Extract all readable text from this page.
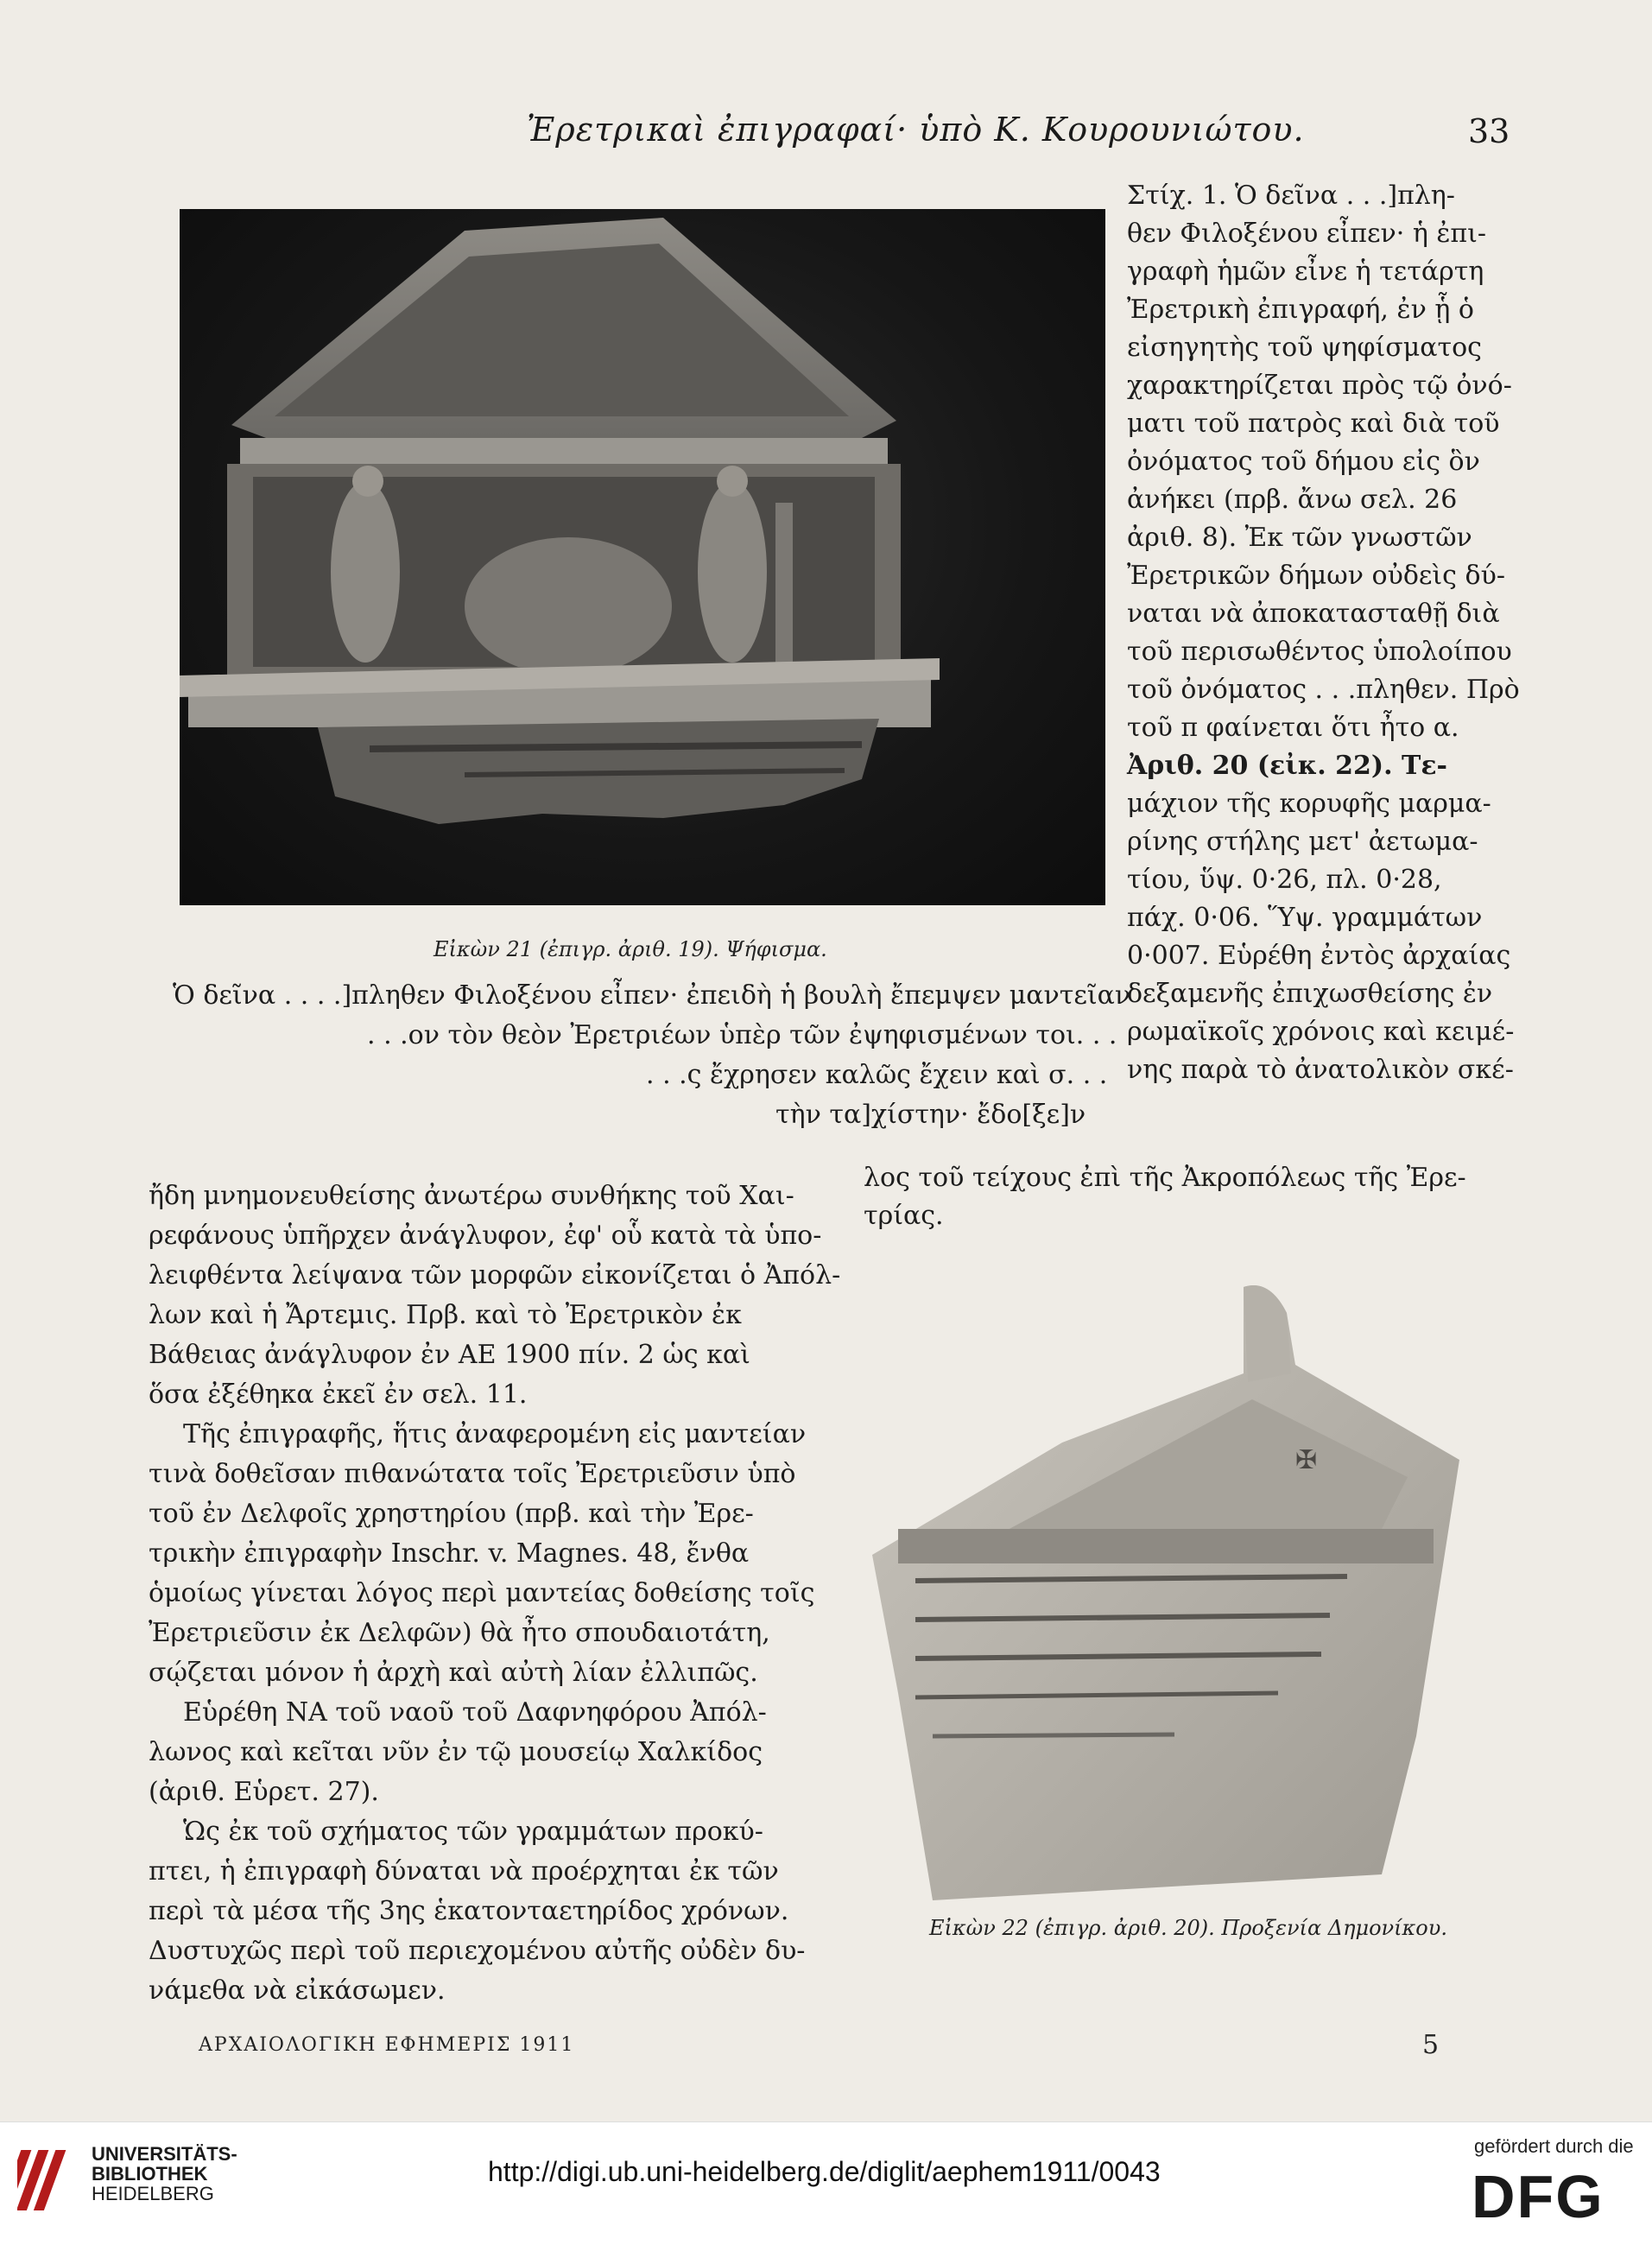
Ἐρετρικαὶ ἐπιγραφαί· ὑπὸ Κ. Κουρουνιώτου.	33
Εἰκὼν 21 (ἐπιγρ. ἀριθ. 19). Ψήφισμα.
Στίχ. 1. Ὁ δεῖνα . . .]πλη-
θεν Φιλοξένου εἶπεν· ἡ ἐπι-
γραφὴ ἡμῶν εἶνε ἡ τετάρτη
Ἐρετρικὴ ἐπιγραφή, ἐν ᾗ ὁ
εἰσηγητὴς τοῦ ψηφίσματος
χαρακτηρίζεται πρὸς τῷ ὀνό-
ματι τοῦ πατρὸς καὶ διὰ τοῦ
ὀνόματος τοῦ δήμου εἰς ὃν
ἀνήκει (πρβ. ἄνω σελ. 26
ἀριθ. 8). Ἐκ τῶν γνωστῶν
Ἐρετρικῶν δήμων οὐδεὶς δύ-
ναται νὰ ἀποκατασταθῇ διὰ
τοῦ περισωθέντος ὑπολοίπου
τοῦ ὀνόματος . . .πληθεν. Πρὸ
τοῦ π φαίνεται ὅτι ἦτο α.
Ἀριθ. 20 (εἰκ. 22). Τε-
μάχιον τῆς κορυφῆς μαρμα-
ρίνης στήλης μετ' ἀετωμα-
τίου, ὕψ. 0·26, πλ. 0·28,
πάχ. 0·06. Ὕψ. γραμμάτων
0·007. Εὑρέθη ἐντὸς ἀρχαίας
δεξαμενῆς ἐπιχωσθείσης ἐν
ρωμαϊκοῖς χρόνοις καὶ κειμέ-
νης παρὰ τὸ ἀνατολικὸν σκέ-
Ὁ δεῖνα . . . .]πληθεν Φιλοξένου εἶπεν· ἐπειδὴ ἡ βουλὴ ἔπεμψεν μαντεῖαν
. . .ον τὸν θεὸν Ἐρετριέων ὑπὲρ τῶν ἐψηφισμένων τοι. . .
. . .ς ἔχρησεν καλῶς ἔχειν καὶ σ. . .
τὴν τα]χίστην· ἔδο[ξε]ν
λος τοῦ τείχους ἐπὶ τῆς Ἀκροπόλεως τῆς Ἐρε-
τρίας.
ἤδη μνημονευθείσης ἀνωτέρω συνθήκης τοῦ Χαι-
ρεφάνους ὑπῆρχεν ἀνάγλυφον, ἐφ' οὗ κατὰ τὰ ὑπο-
λειφθέντα λείψανα τῶν μορφῶν εἰκονίζεται ὁ Ἀπόλ-
λων καὶ ἡ Ἄρτεμις. Πρβ. καὶ τὸ Ἐρετρικὸν ἐκ
Βάθειας ἀνάγλυφον ἐν ΑΕ 1900 πίν. 2 ὡς καὶ
ὅσα ἐξέθηκα ἐκεῖ ἐν σελ. 11.
Τῆς ἐπιγραφῆς, ἥτις ἀναφερομένη εἰς μαντείαν
τινὰ δοθεῖσαν πιθανώτατα τοῖς Ἐρετριεῦσιν ὑπὸ
τοῦ ἐν Δελφοῖς χρηστηρίου (πρβ. καὶ τὴν Ἐρε-
τρικὴν ἐπιγραφὴν Inschr. v. Magnes. 48, ἔνθα
ὁμοίως γίνεται λόγος περὶ μαντείας δοθείσης τοῖς
Ἐρετριεῦσιν ἐκ Δελφῶν) θὰ ἦτο σπουδαιοτάτη,
σῴζεται μόνον ἡ ἀρχὴ καὶ αὐτὴ λίαν ἐλλιπῶς.
Εὑρέθη ΝΑ τοῦ ναοῦ τοῦ Δαφνηφόρου Ἀπόλ-
λωνος καὶ κεῖται νῦν ἐν τῷ μουσείῳ Χαλκίδος
(ἀριθ. Εὑρετ. 27).
Ὡς ἐκ τοῦ σχήματος τῶν γραμμάτων προκύ-
πτει, ἡ ἐπιγραφὴ δύναται νὰ προέρχηται ἐκ τῶν
περὶ τὰ μέσα τῆς 3ης ἑκατονταετηρίδος χρόνων.
Δυστυχῶς περὶ τοῦ περιεχομένου αὐτῆς οὐδὲν δυ-
νάμεθα νὰ εἰκάσωμεν.
✠
Εἰκὼν 22 (ἐπιγρ. ἀριθ. 20). Προξενία Δημονίκου.
ΑΡΧΑΙΟΛΟΓΙΚΗ ΕΦΗΜΕΡΙΣ 1911	5
UNIVERSITÄTS-
BIBLIOTHEK
HEIDELBERG
http://digi.ub.uni-heidelberg.de/diglit/aephem1911/0043
gefördert durch die
DFG
